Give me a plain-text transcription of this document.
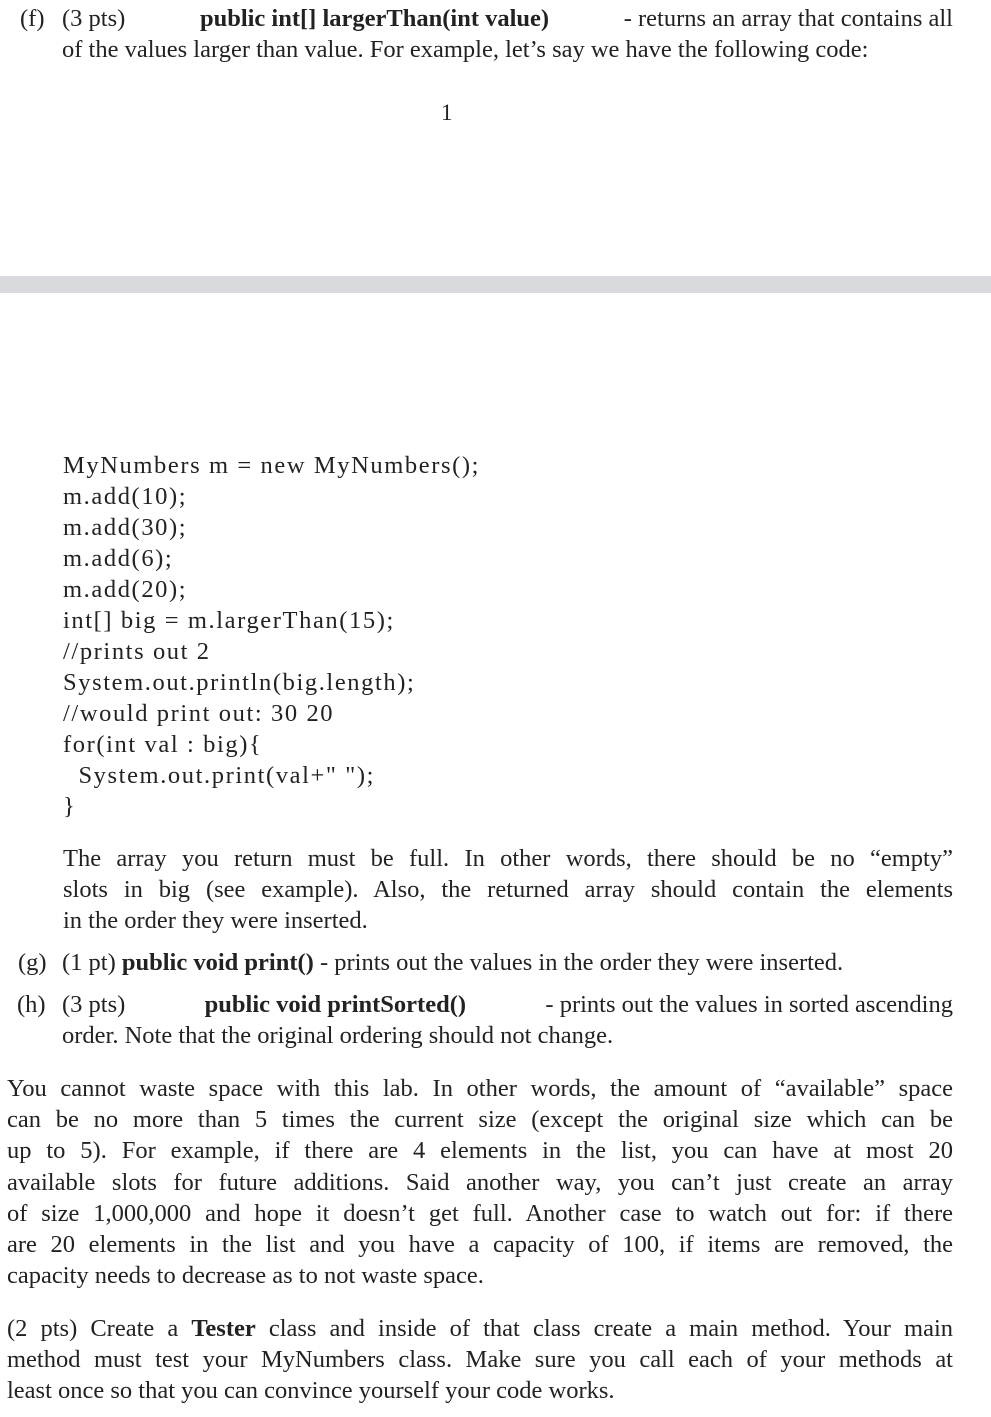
(f) (3 pts)	public int[] largerThan(int value)	- returns an array that contains all
of the values larger than value. For example, let’s say we have the following code:
1
MyNumbers m = new MyNumbers();
m.add(10);
m.add(30);
m.add(6);
m.add(20);
int[] big = m.largerThan(15);
//prints out 2
System.out.println(big.length);
//would print out: 30 20
for(int val : big){
System.out.print(val+" ");
}
The array you return must be full. In other words, there should be no “empty”
slots in big (see example). Also, the returned array should contain the elements
in the order they were inserted.
(g) (1 pt) public void print() - prints out the values in the order they were inserted.
(h) (3 pts)	public void printSorted()	- prints out the values in sorted ascending
order. Note that the original ordering should not change.
You cannot waste space with this lab. In other words, the amount of “available” space
can be no more than 5 times the current size (except the original size which can be
up to 5). For example, if there are 4 elements in the list, you can have at most 20
available slots for future additions. Said another way, you can’t just create an array
of size 1,000,000 and hope it doesn’t get full. Another case to watch out for: if there
are 20 elements in the list and you have a capacity of 100, if items are removed, the
capacity needs to decrease as to not waste space.
(2 pts) Create a Tester class and inside of that class create a main method. Your main
method must test your MyNumbers class. Make sure you call each of your methods at
least once so that you can convince yourself your code works.
